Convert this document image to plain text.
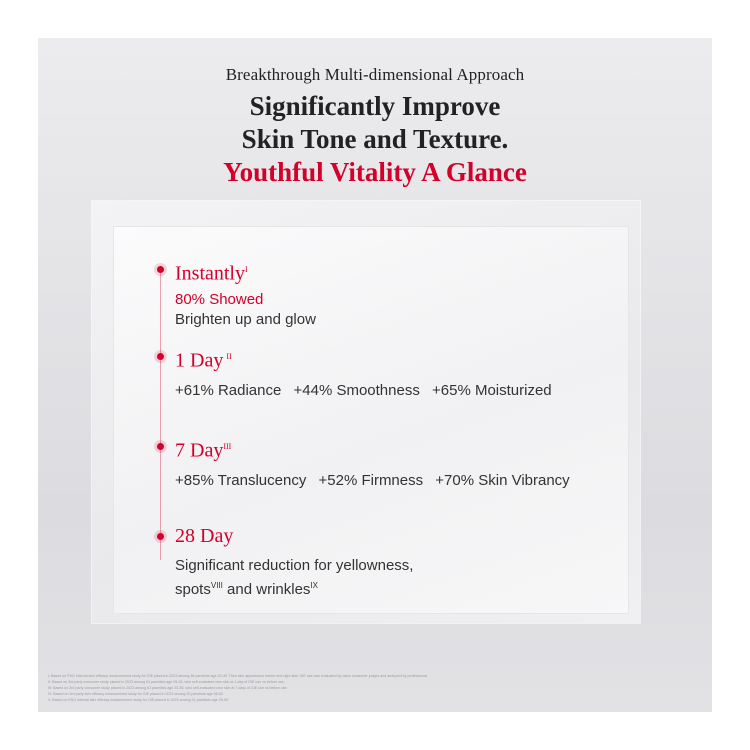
Breakthrough Multi-dimensional Approach
Significantly Improve
Skin Tone and Texture.
Youthful Vitality A Glance
Instantly$^I$
80% Showed
Brighten up and glow
1 Day $^{II}$
+61% Radiance +44% Smoothness +65% Moisturized
7 Day$^{III}$
+85% Translucency +52% Firmness +70% Skin Vibrancy
28 Day
Significant reduction for yellowness,
spots$^{VIII}$ and wrinkles$^{IX}$
I: Based on P&G internal skin efficacy measurement study for GIE placed in 2023 among 36 panelists age 20-49. Then skin appearance before and right after GIE use was evaluated by naive consumer judges and analyzed by professional.
II: Based on 3rd party consumer study placed in 2023 among 61 panelists age 25-55, who self-evaluated own skin at 1 day of GIE use vs before use.
III: Based on 3rd party consumer study placed in 2023 among 61 panelists age 25-55, who self-evaluated own skin at 7 days of GIE use vs before use.
IV: Based on 3rd party skin efficacy measurement study for GIE placed in 2023 among 30 panelists age 38-60.
V: Based on P&G internal skin efficacy measurement study for GIE placed in 2023 among 31 panelists age 29-55.
